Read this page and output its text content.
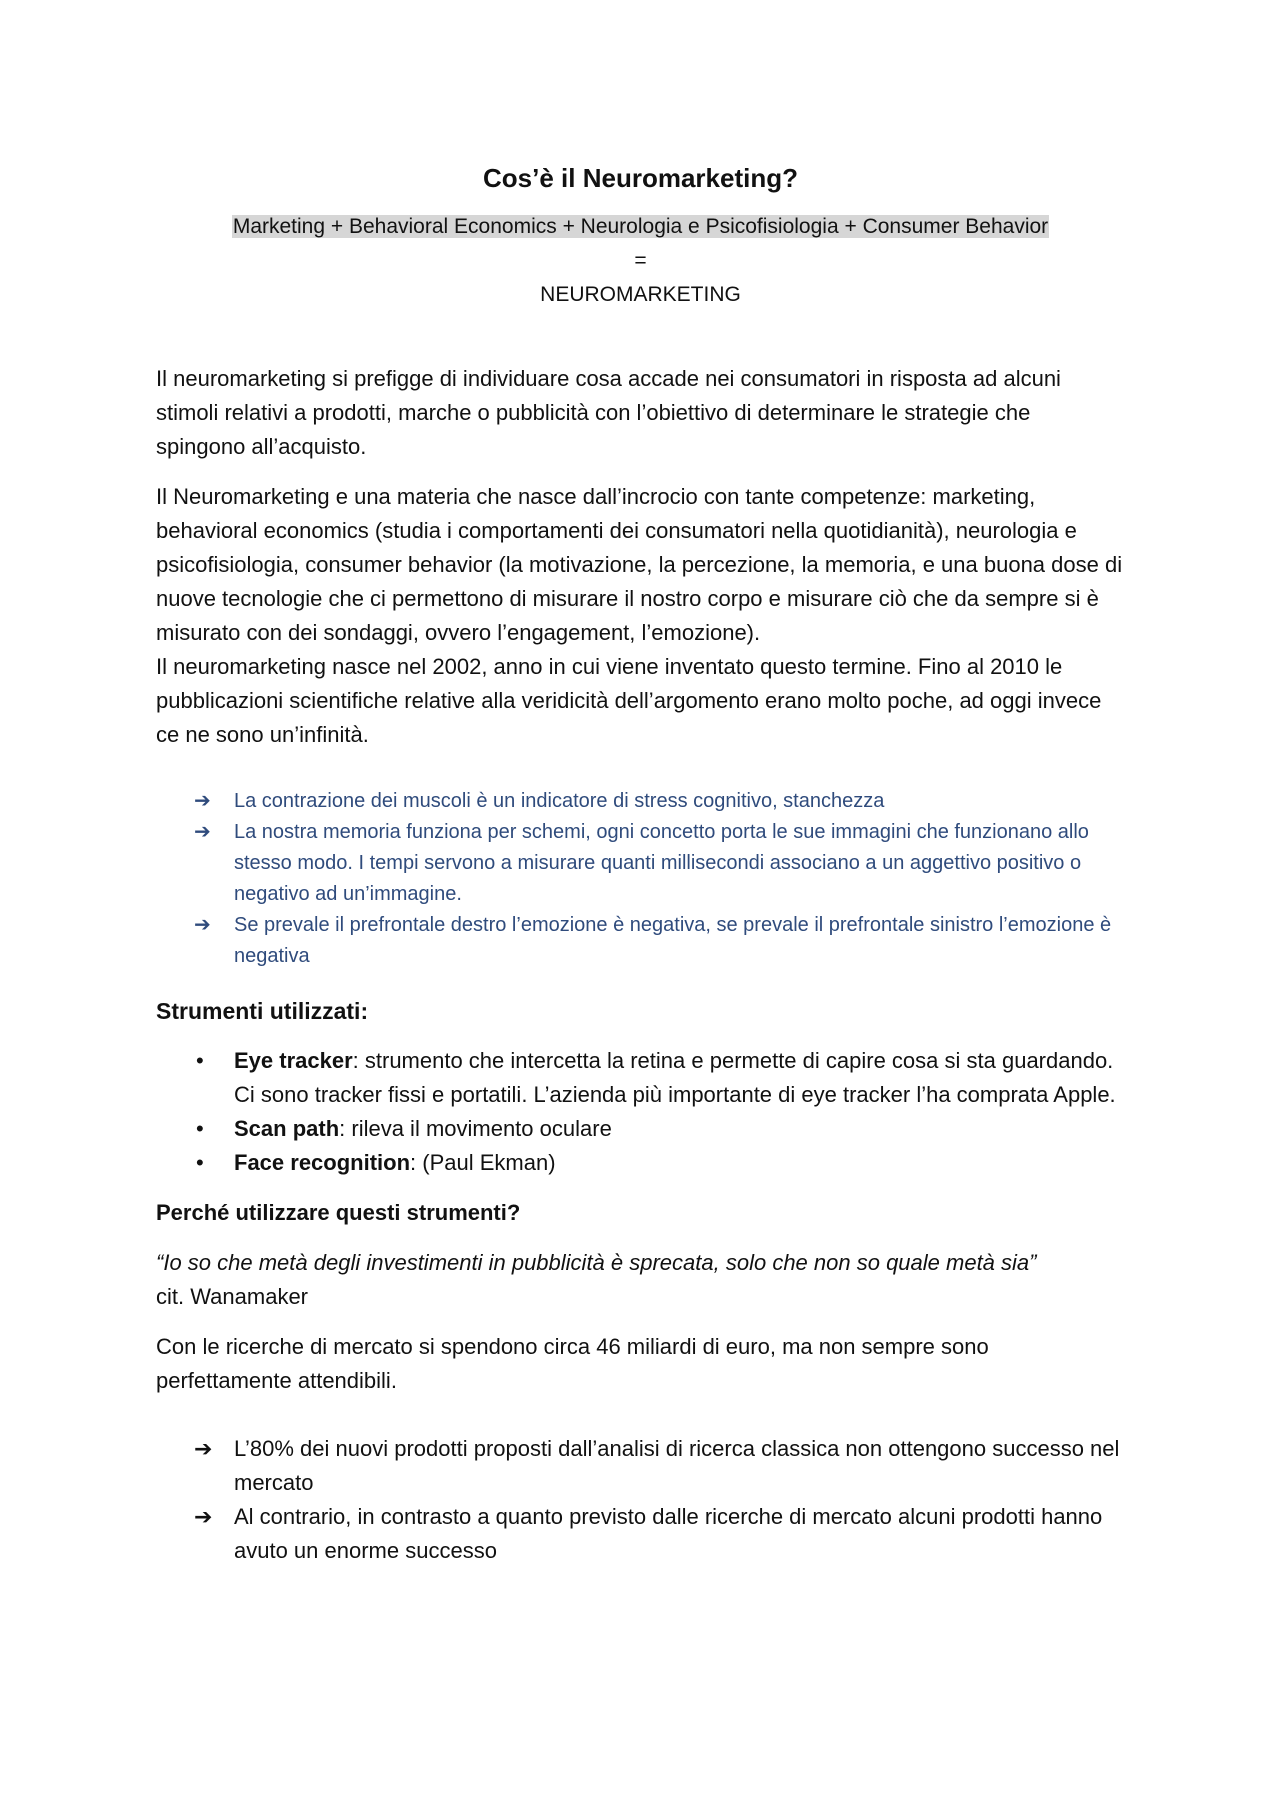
Cos’è il Neuromarketing?
Marketing + Behavioral Economics + Neurologia e Psicofisiologia + Consumer Behavior
=
NEUROMARKETING

Il neuromarketing si prefigge di individuare cosa accade nei consumatori in risposta ad alcuni stimoli relativi a prodotti, marche o pubblicità con l’obiettivo di determinare le strategie che spingono all’acquisto.

Il Neuromarketing e una materia che nasce dall’incrocio con tante competenze: marketing, behavioral economics (studia i comportamenti dei consumatori nella quotidianità), neurologia e psicofisiologia, consumer behavior (la motivazione, la percezione, la memoria, e una buona dose di nuove tecnologie che ci permettono di misurare il nostro corpo e misurare ciò che da sempre si è misurato con dei sondaggi, ovvero l’engagement, l’emozione).

Il neuromarketing nasce nel 2002, anno in cui viene inventato questo termine. Fino al 2010 le pubblicazioni scientifiche relative alla veridicità dell’argomento erano molto poche, ad oggi invece ce ne sono un’infinità.

➔ La contrazione dei muscoli è un indicatore di stress cognitivo, stanchezza
➔ La nostra memoria funziona per schemi, ogni concetto porta le sue immagini che funzionano allo stesso modo. I tempi servono a misurare quanti millisecondi associano a un aggettivo positivo o negativo ad un’immagine.
➔ Se prevale il prefrontale destro l’emozione è negativa, se prevale il prefrontale sinistro l’emozione è negativa
Strumenti utilizzati:
• Eye tracker: strumento che intercetta la retina e permette di capire cosa si sta guardando. Ci sono tracker fissi e portatili. L’azienda più importante di eye tracker l’ha comprata Apple.
• Scan path: rileva il movimento oculare
• Face recognition: (Paul Ekman)
Perché utilizzare questi strumenti?

“Io so che metà degli investimenti in pubblicità è sprecata, solo che non so quale metà sia”
cit. Wanamaker

Con le ricerche di mercato si spendono circa 46 miliardi di euro, ma non sempre sono perfettamente attendibili.

➔ L’80% dei nuovi prodotti proposti dall’analisi di ricerca classica non ottengono successo nel mercato
➔ Al contrario, in contrasto a quanto previsto dalle ricerche di mercato alcuni prodotti hanno avuto un enorme successo
